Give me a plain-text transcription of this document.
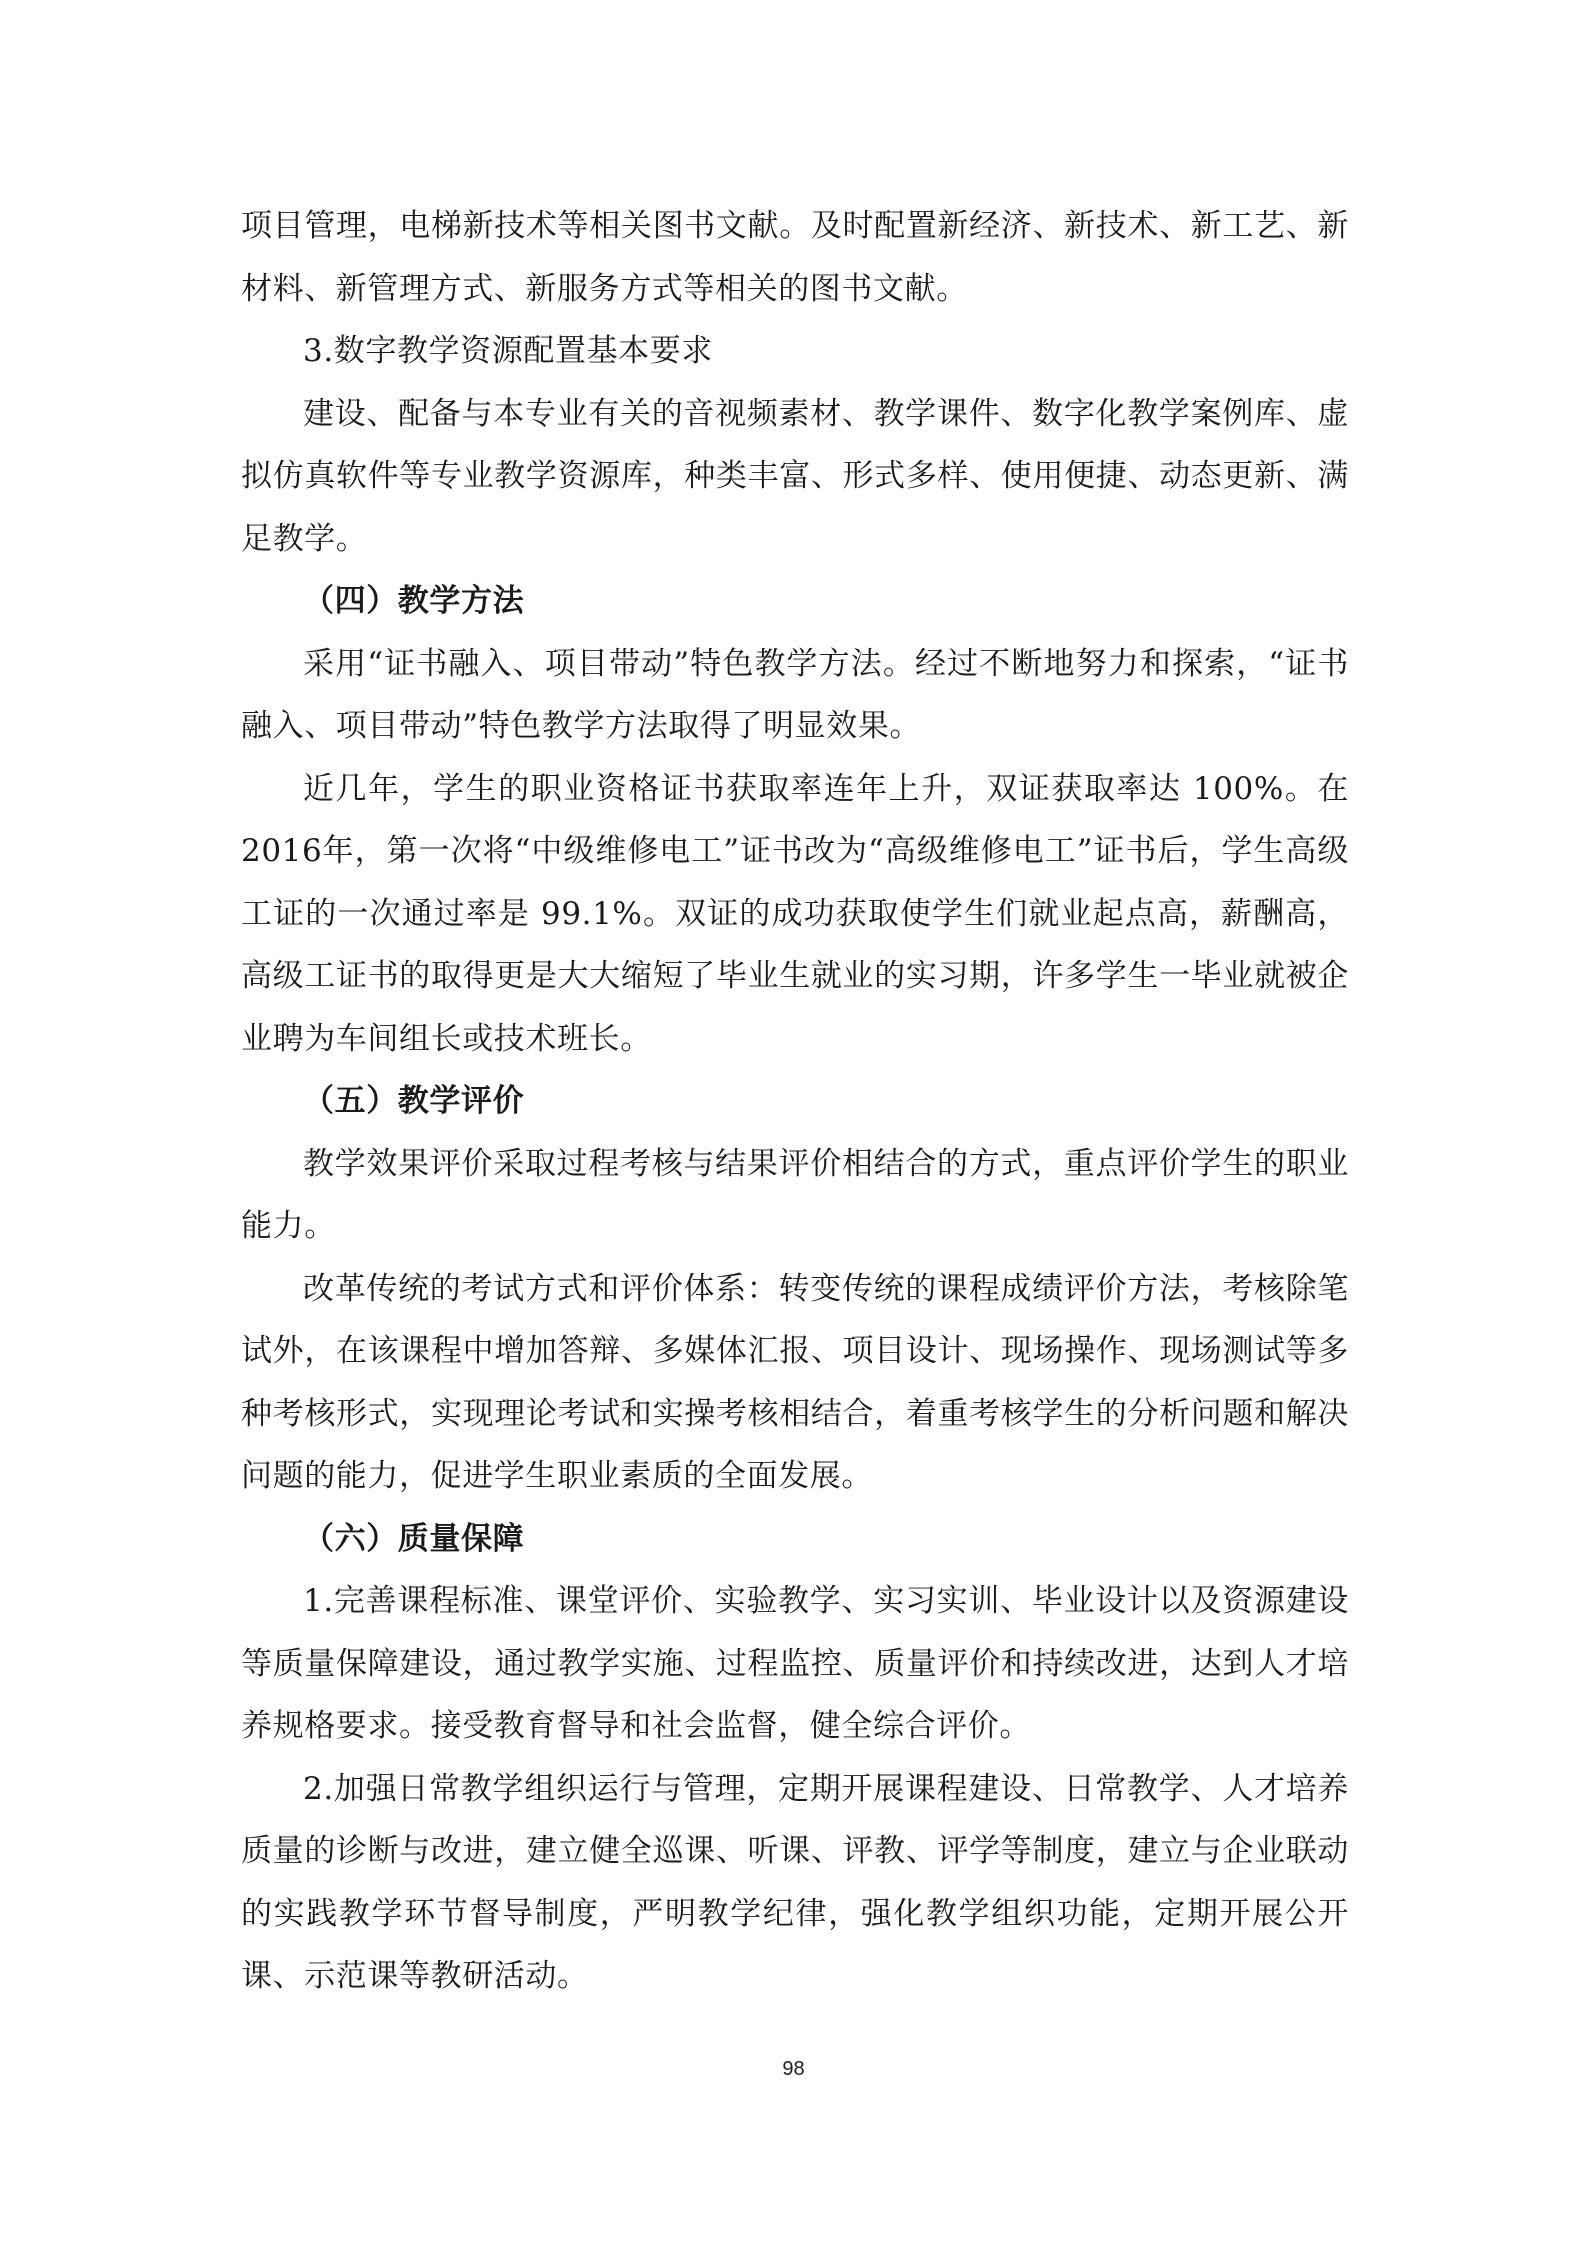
项目管理，电梯新技术等相关图书文献。及时配置新经济、新技术、新工艺、新材料、新管理方式、新服务方式等相关的图书文献。

3.数字教学资源配置基本要求

建设、配备与本专业有关的音视频素材、教学课件、数字化教学案例库、虚拟仿真软件等专业教学资源库，种类丰富、形式多样、使用便捷、动态更新、满足教学。

（四）教学方法

采用“证书融入、项目带动”特色教学方法。经过不断地努力和探索，“证书融入、项目带动”特色教学方法取得了明显效果。

近几年，学生的职业资格证书获取率连年上升，双证获取率达 100%。在 2016年，第一次将“中级维修电工”证书改为“高级维修电工”证书后，学生高级工证的一次通过率是 99.1%。双证的成功获取使学生们就业起点高，薪酬高，高级工证书的取得更是大大缩短了毕业生就业的实习期，许多学生一毕业就被企业聘为车间组长或技术班长。

（五）教学评价

教学效果评价采取过程考核与结果评价相结合的方式，重点评价学生的职业能力。

改革传统的考试方式和评价体系：转变传统的课程成绩评价方法，考核除笔试外，在该课程中增加答辩、多媒体汇报、项目设计、现场操作、现场测试等多种考核形式，实现理论考试和实操考核相结合，着重考核学生的分析问题和解决问题的能力，促进学生职业素质的全面发展。

（六）质量保障

1.完善课程标准、课堂评价、实验教学、实习实训、毕业设计以及资源建设等质量保障建设，通过教学实施、过程监控、质量评价和持续改进，达到人才培养规格要求。接受教育督导和社会监督，健全综合评价。

2.加强日常教学组织运行与管理，定期开展课程建设、日常教学、人才培养质量的诊断与改进，建立健全巡课、听课、评教、评学等制度，建立与企业联动的实践教学环节督导制度，严明教学纪律，强化教学组织功能，定期开展公开课、示范课等教研活动。

98
